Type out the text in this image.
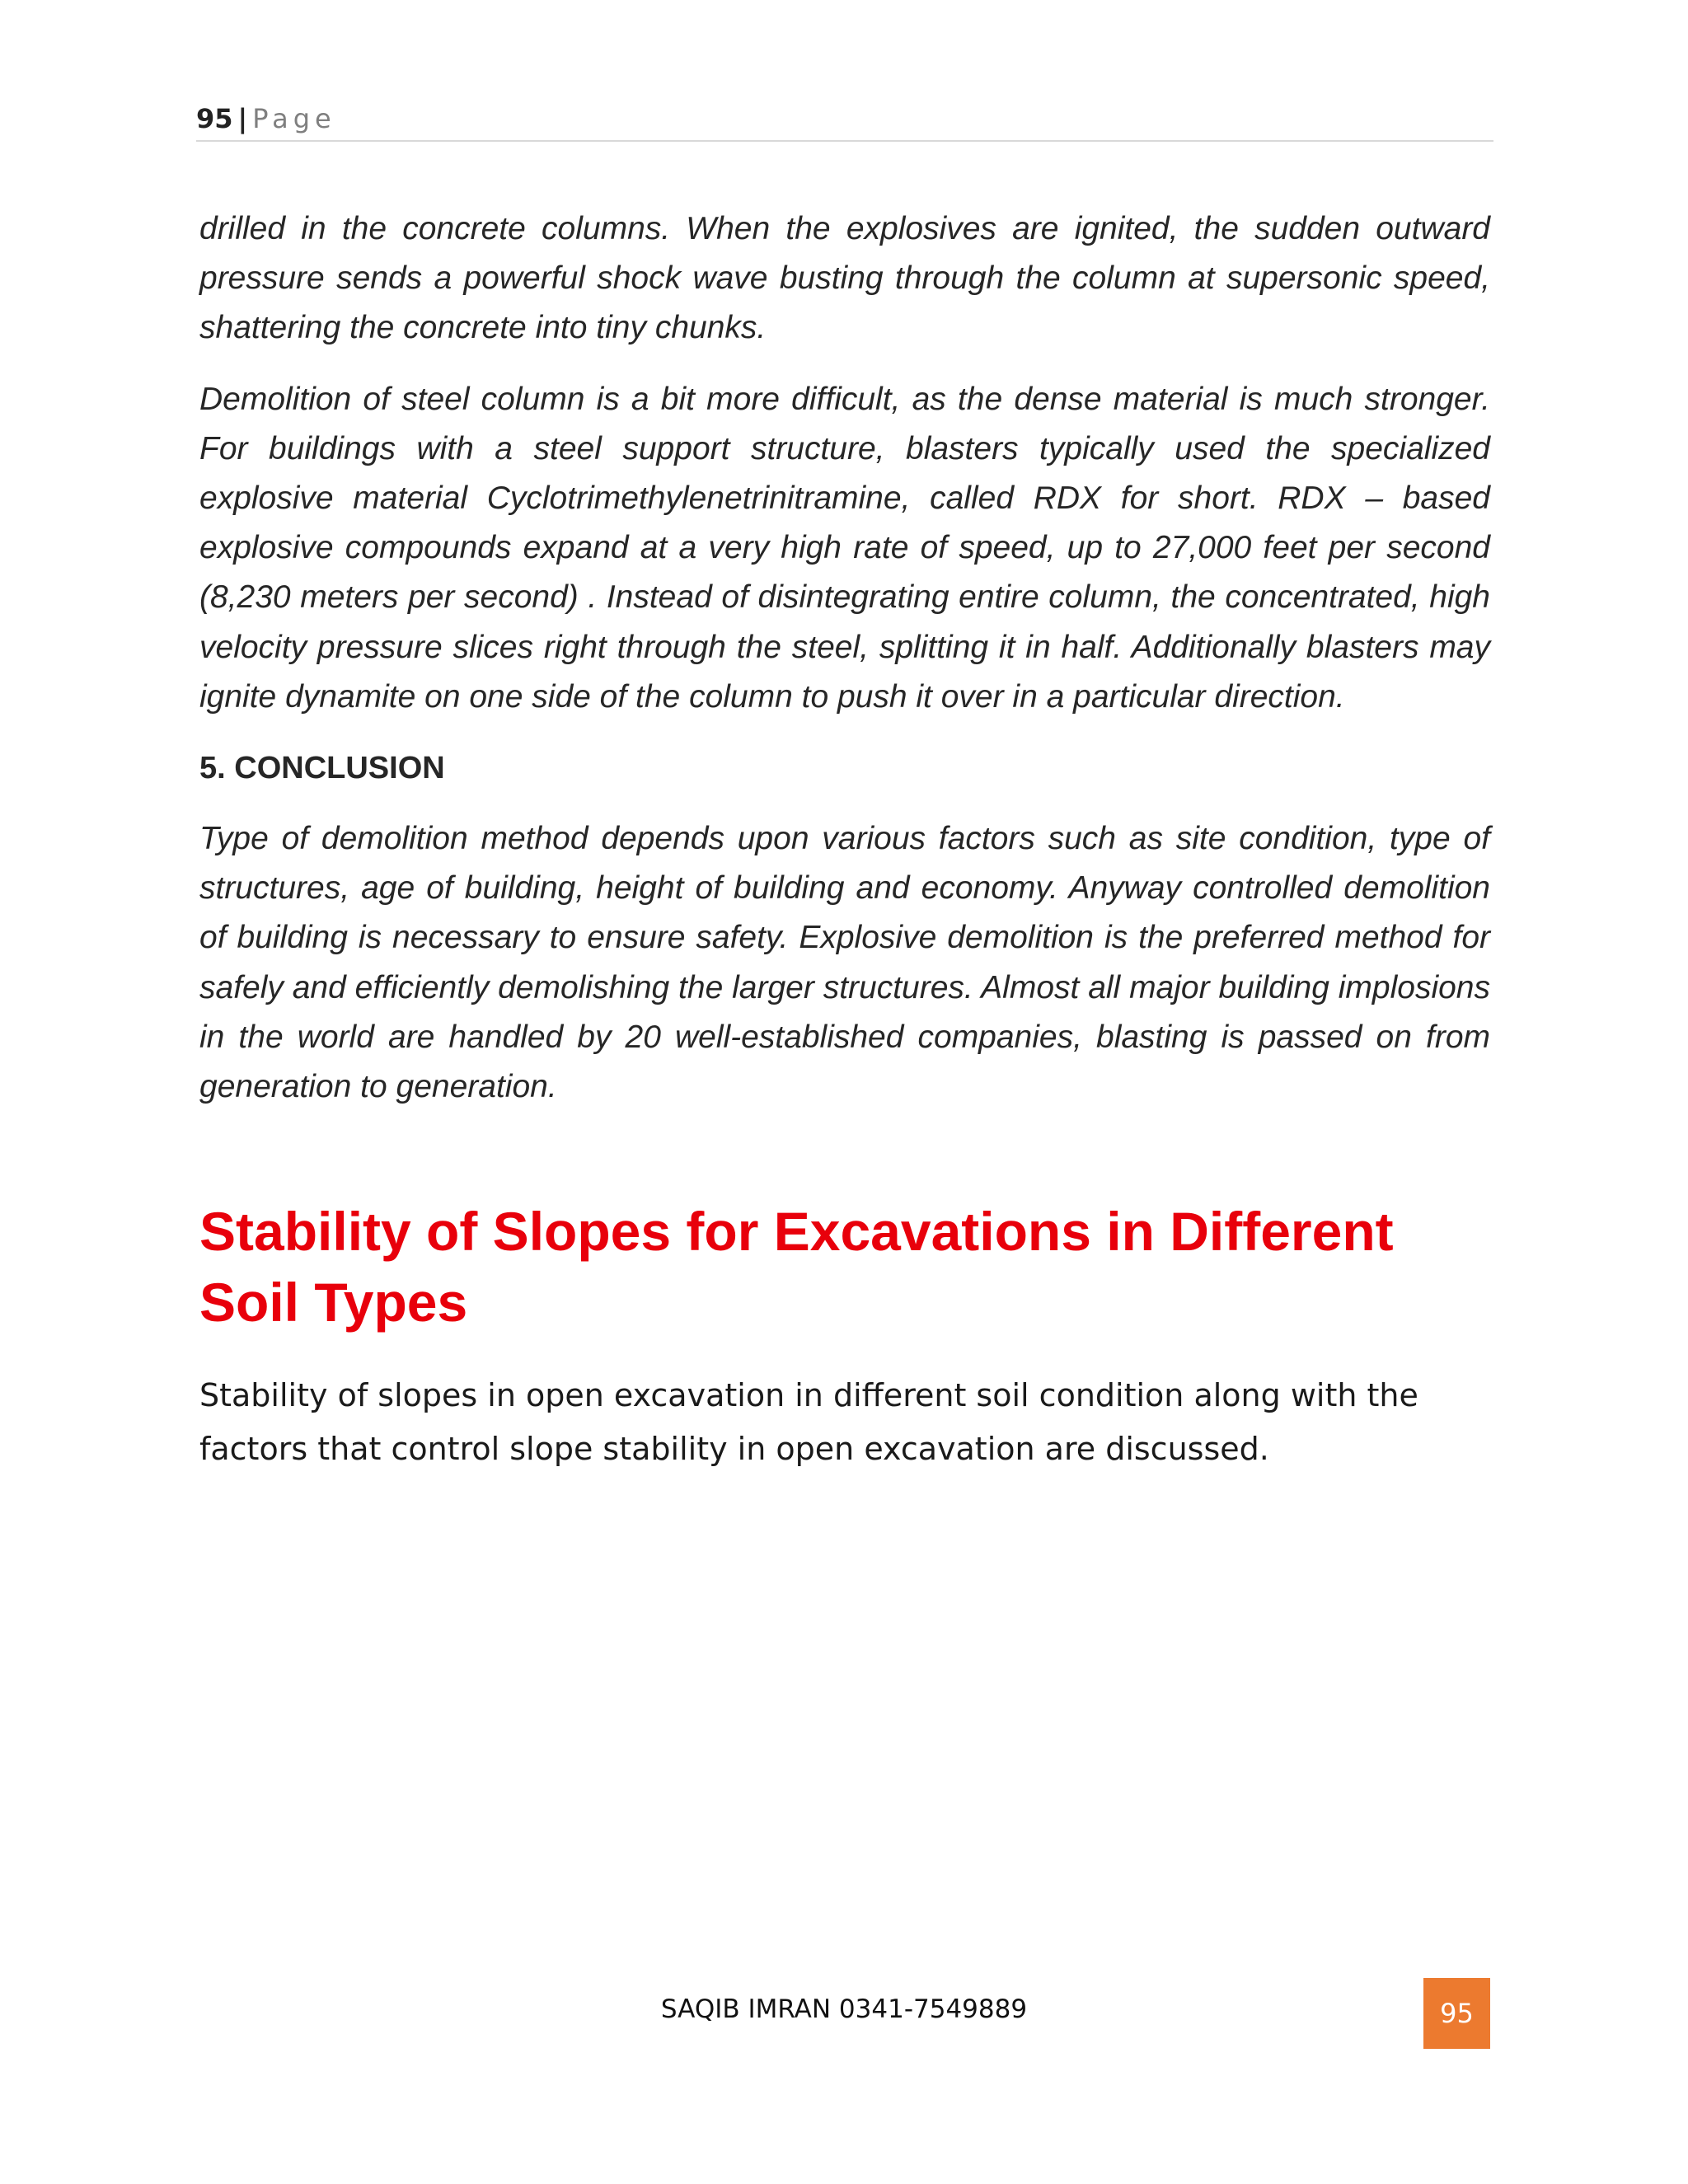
95 | Page

drilled in the concrete columns. When the explosives are ignited, the sudden outward pressure sends a powerful shock wave busting through the column at supersonic speed, shattering the concrete into tiny chunks.

Demolition of steel column is a bit more difficult, as the dense material is much stronger. For buildings with a steel support structure, blasters typically used the specialized explosive material Cyclotrimethylenetrinitramine, called RDX for short. RDX – based explosive compounds expand at a very high rate of speed, up to 27,000 feet per second (8,230 meters per second) . Instead of disintegrating entire column, the concentrated, high velocity pressure slices right through the steel, splitting it in half. Additionally blasters may ignite dynamite on one side of the column to push it over in a particular direction.

5. CONCLUSION

Type of demolition method depends upon various factors such as site condition, type of structures, age of building, height of building and economy. Anyway controlled demolition of building is necessary to ensure safety. Explosive demolition is the preferred method for safely and efficiently demolishing the larger structures. Almost all major building implosions in the world are handled by 20 well-established companies, blasting is passed on from generation to generation.

Stability of Slopes for Excavations in Different Soil Types

Stability of slopes in open excavation in different soil condition along with the factors that control slope stability in open excavation are discussed.

SAQIB IMRAN 0341-7549889	95
